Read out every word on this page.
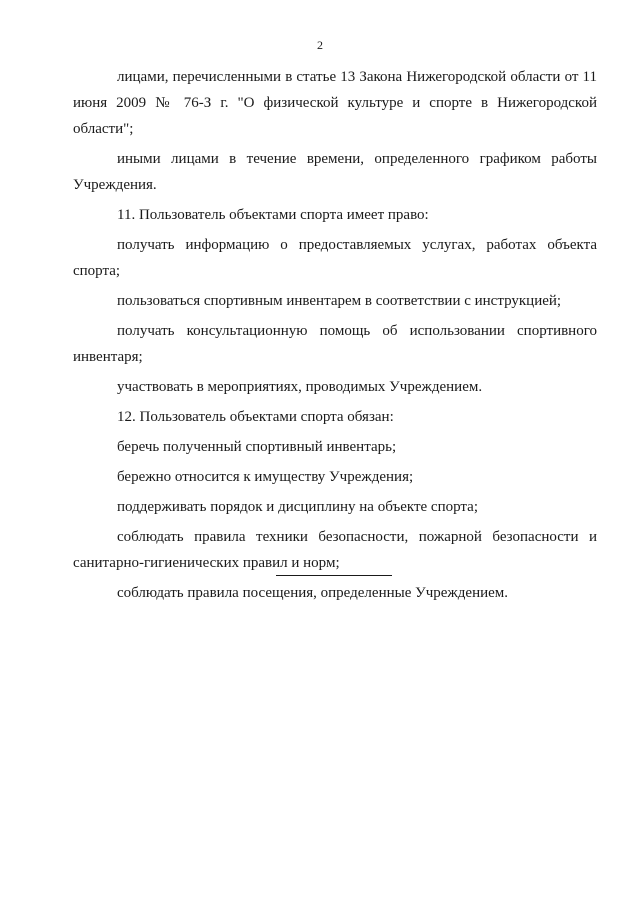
2

лицами, перечисленными в статье 13 Закона Нижегородской области от 11 июня 2009 № 76-З г. "О физической культуре и спорте в Нижегородской области";

иными лицами в течение времени, определенного графиком работы Учреждения.

11. Пользователь объектами спорта имеет право:

получать информацию о предоставляемых услугах, работах объекта спорта;

пользоваться спортивным инвентарем в соответствии с инструкцией;

получать консультационную помощь об использовании спортивного инвентаря;

участвовать в мероприятиях, проводимых Учреждением.

12. Пользователь объектами спорта обязан:

беречь полученный спортивный инвентарь;

бережно относится к имуществу Учреждения;

поддерживать порядок и дисциплину на объекте спорта;

соблюдать правила техники безопасности, пожарной безопасности и санитарно-гигиенических правил и норм;

соблюдать правила посещения, определенные Учреждением.
